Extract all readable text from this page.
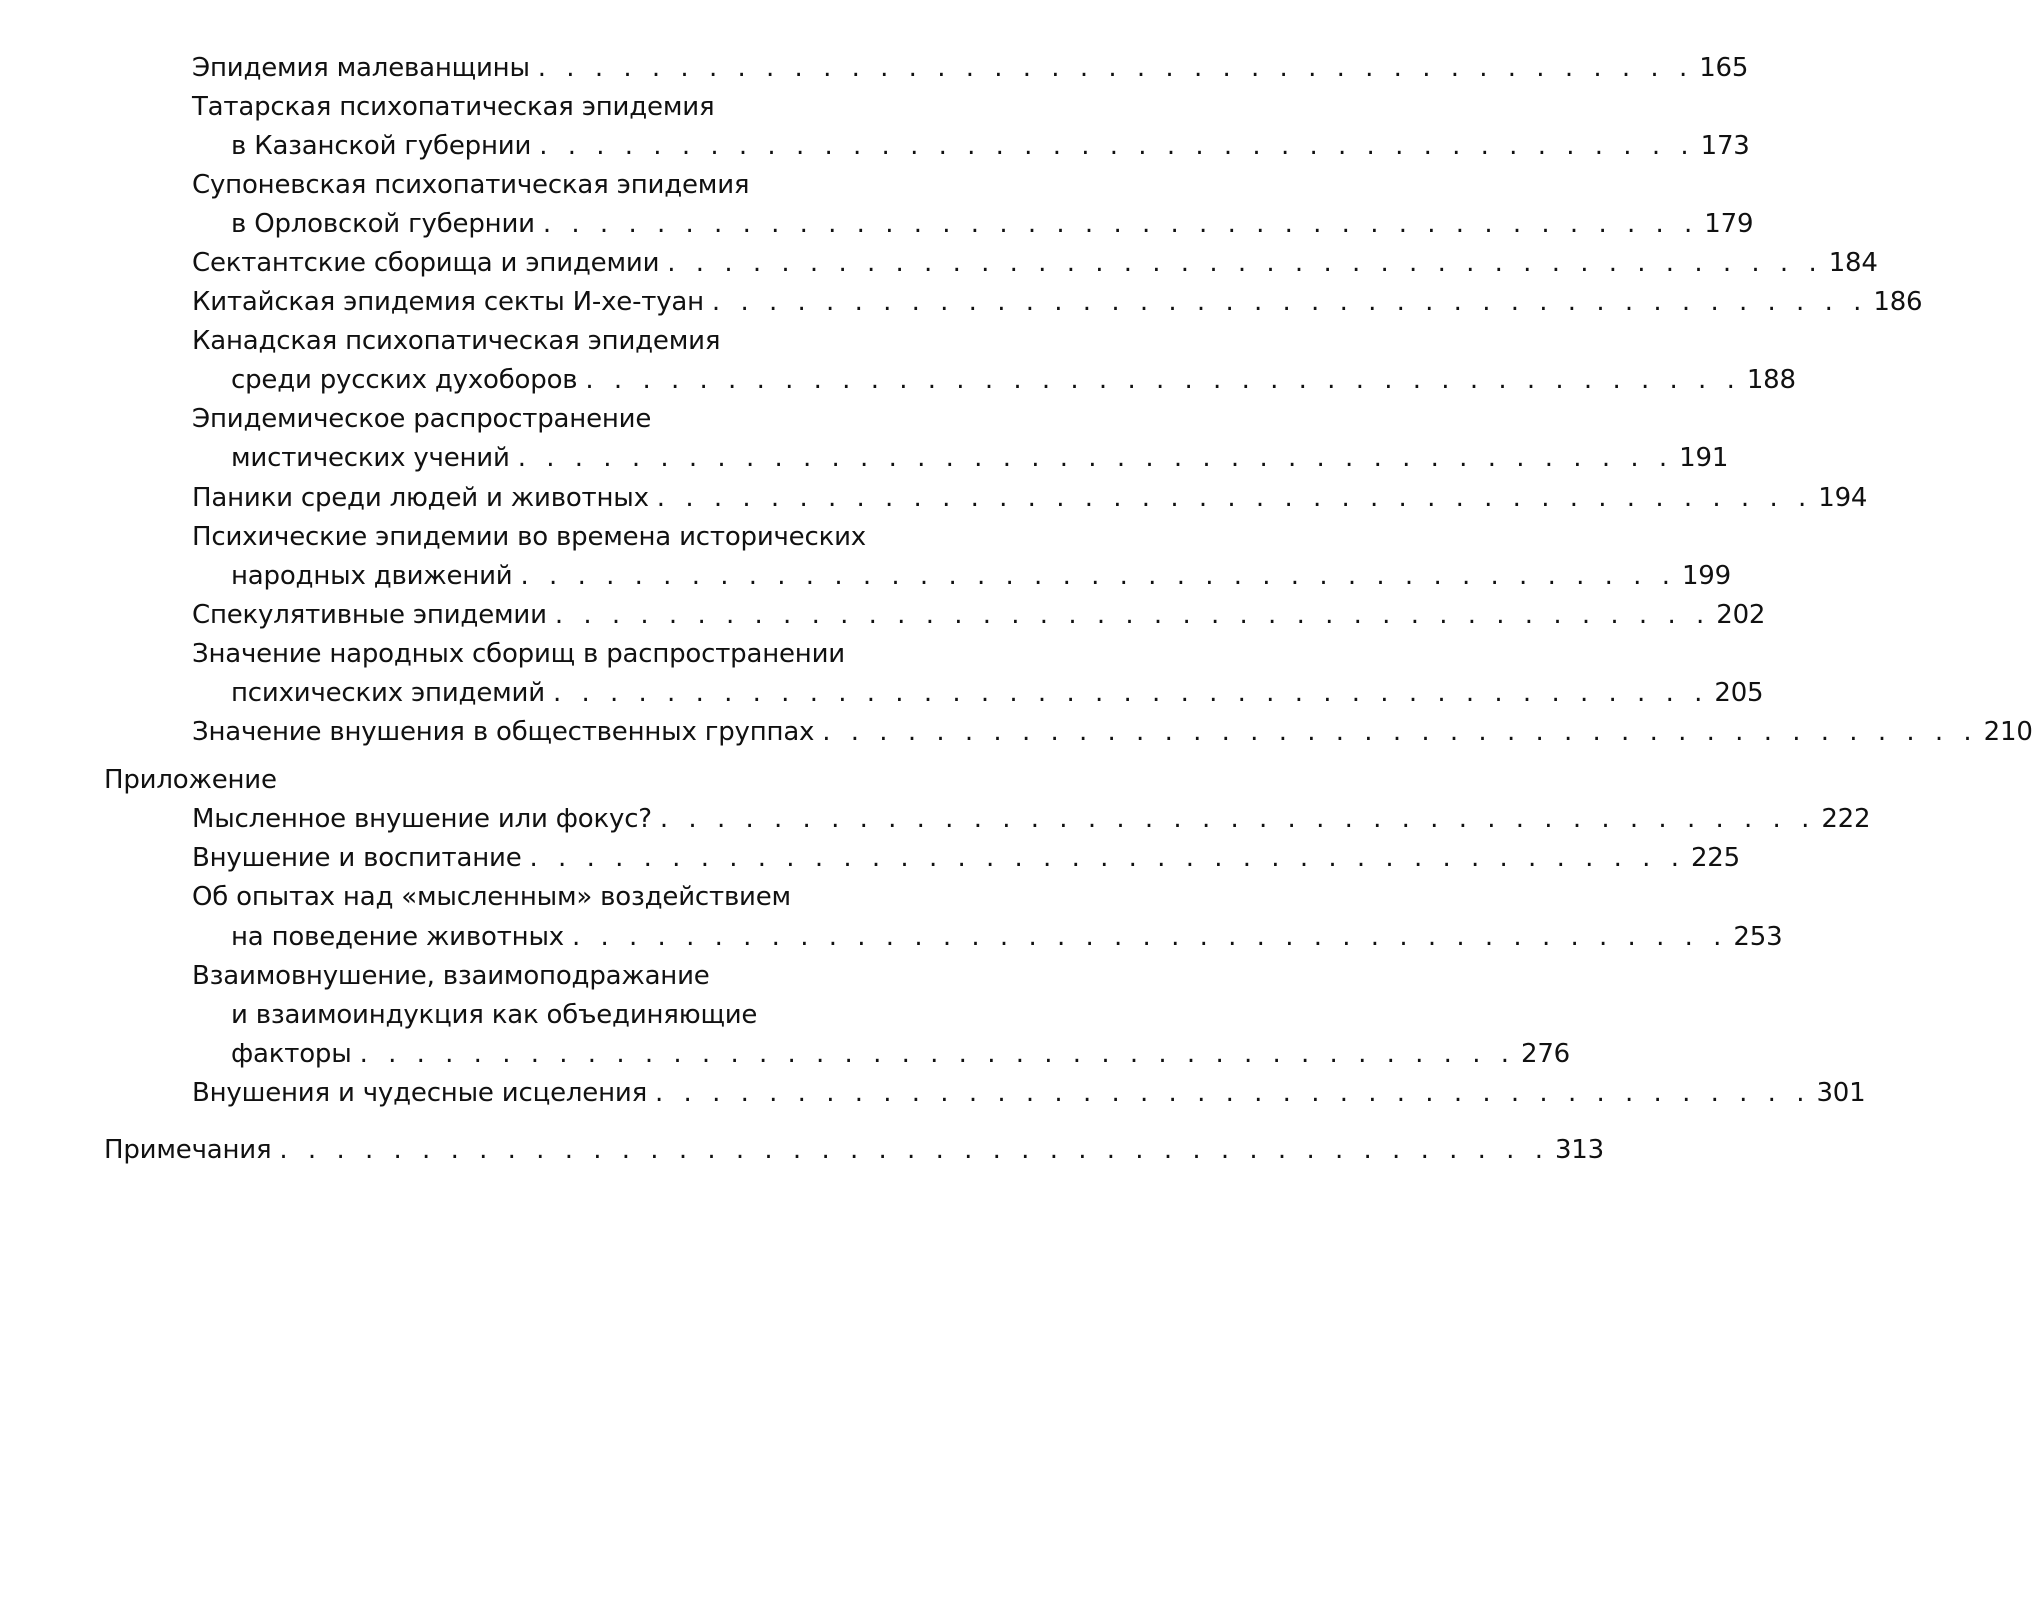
Эпидемия малеванщины . . . . . . . . . . . . . . . . . . . . . . . . . . . . . . . . . . . . . . . . . 165
Татарская психопатическая эпидемия
в Казанской губернии . . . . . . . . . . . . . . . . . . . . . . . . . . . . . . . . . . . . . . . . . 173
Супоневская психопатическая эпидемия
в Орловской губернии . . . . . . . . . . . . . . . . . . . . . . . . . . . . . . . . . . . . . . . . . 179
Сектантские сборища и эпидемии . . . . . . . . . . . . . . . . . . . . . . . . . . . . . . . . . . . . . . . . . 184
Китайская эпидемия секты И-хе-туан . . . . . . . . . . . . . . . . . . . . . . . . . . . . . . . . . . . . . . . . . 186
Канадская психопатическая эпидемия
среди русских духоборов . . . . . . . . . . . . . . . . . . . . . . . . . . . . . . . . . . . . . . . . . 188
Эпидемическое распространение
мистических учений . . . . . . . . . . . . . . . . . . . . . . . . . . . . . . . . . . . . . . . . . 191
Паники среди людей и животных . . . . . . . . . . . . . . . . . . . . . . . . . . . . . . . . . . . . . . . . . 194
Психические эпидемии во времена исторических
народных движений . . . . . . . . . . . . . . . . . . . . . . . . . . . . . . . . . . . . . . . . . 199
Спекулятивные эпидемии . . . . . . . . . . . . . . . . . . . . . . . . . . . . . . . . . . . . . . . . . 202
Значение народных сборищ в распространении
психических эпидемий . . . . . . . . . . . . . . . . . . . . . . . . . . . . . . . . . . . . . . . . . 205
Значение внушения в общественных группах . . . . . . . . . . . . . . . . . . . . . . . . . . . . . . . . . . . . . . . . . 210
Приложение
Мысленное внушение или фокус? . . . . . . . . . . . . . . . . . . . . . . . . . . . . . . . . . . . . . . . . . 222
Внушение и воспитание . . . . . . . . . . . . . . . . . . . . . . . . . . . . . . . . . . . . . . . . . 225
Об опытах над «мысленным» воздействием
на поведение животных . . . . . . . . . . . . . . . . . . . . . . . . . . . . . . . . . . . . . . . . . 253
Взаимовнушение, взаимоподражание
и взаимоиндукция как объединяющие
факторы . . . . . . . . . . . . . . . . . . . . . . . . . . . . . . . . . . . . . . . . . 276
Внушения и чудесные исцеления . . . . . . . . . . . . . . . . . . . . . . . . . . . . . . . . . . . . . . . . . 301
Примечания . . . . . . . . . . . . . . . . . . . . . . . . . . . . . . . . . . . . . . . . . . . . . 313
